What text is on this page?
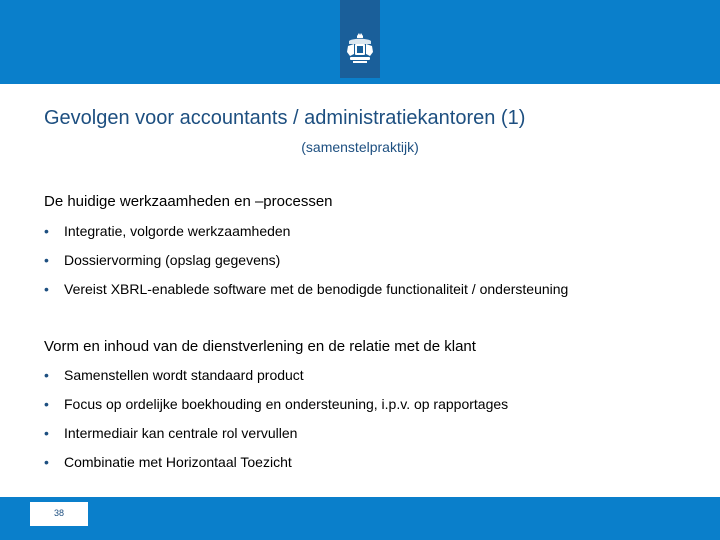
Gevolgen voor accountants / administratiekantoren (1)
(samenstelpraktijk)
De huidige werkzaamheden en –processen
• Integratie, volgorde werkzaamheden
• Dossiervorming (opslag gegevens)
• Vereist XBRL-enablede software met de benodigde functionaliteit / ondersteuning
Vorm en inhoud van de dienstverlening en de relatie met de klant
• Samenstellen wordt standaard product
• Focus op ordelijke boekhouding en ondersteuning, i.p.v. op rapportages
• Intermediair kan centrale rol vervullen
• Combinatie met Horizontaal Toezicht
38
